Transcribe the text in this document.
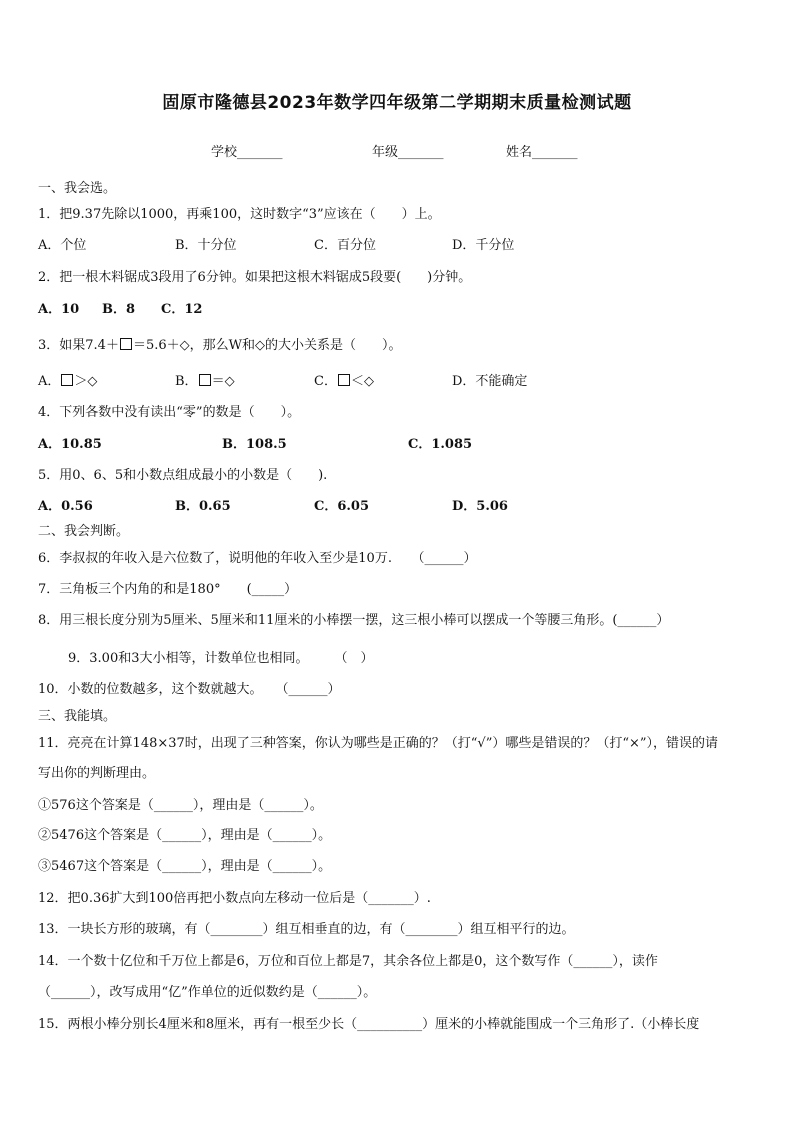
固原市隆德县2023年数学四年级第二学期期末质量检测试题
学校_______	年级_______	姓名_______
一、我会选。
1．把9.37先除以1000，再乘100，这时数字“3”应该在（　　）上。
A．个位	B．十分位	C．百分位	D．千分位
2．把一根木料锯成3段用了6分钟。如果把这根木料锯成5段要(　　)分钟。
A．10 B．8 C．12
3．如果7.4＋ ＝5.6＋◇，那么W和◇的大小关系是（　　）。
A． ＞◇	B． ＝◇	C． ＜◇	D．不能确定
4．下列各数中没有读出“零”的数是（　　）。
A．10.85	B．108.5	C．1.085
5．用0、6、5和小数点组成最小的小数是（　　).
A．0.56	B．0.65	C．6.05	D．5.06
二、我会判断。
6．李叔叔的年收入是六位数了，说明他的年收入至少是10万.　　（______）
7．三角板三个内角的和是180°　　(_____）
8．用三根长度分别为5厘米、5厘米和11厘米的小棒摆一摆，这三根小棒可以摆成一个等腰三角形。(______）
9．3.00和3大小相等，计数单位也相同。　　　（　）
10．小数的位数越多，这个数就越大。　　（______）
三、我能填。
11．亮亮在计算148×37时，出现了三种答案，你认为哪些是正确的？（打“√”）哪些是错误的？（打“×”），错误的请
写出你的判断理由。
①576这个答案是（______），理由是（______）。
②5476这个答案是（______），理由是（______）。
③5467这个答案是（______），理由是（______）。
12．把0.36扩大到100倍再把小数点向左移动一位后是（_______）.
13．一块长方形的玻璃，有（________）组互相垂直的边，有（________）组互相平行的边。
14．一个数十亿位和千万位上都是6，万位和百位上都是7，其余各位上都是0，这个数写作（______），读作
（______），改写成用“亿”作单位的近似数约是（______）。
15．两根小棒分别长4厘米和8厘米，再有一根至少长（__________）厘米的小棒就能围成一个三角形了.（小棒长度
